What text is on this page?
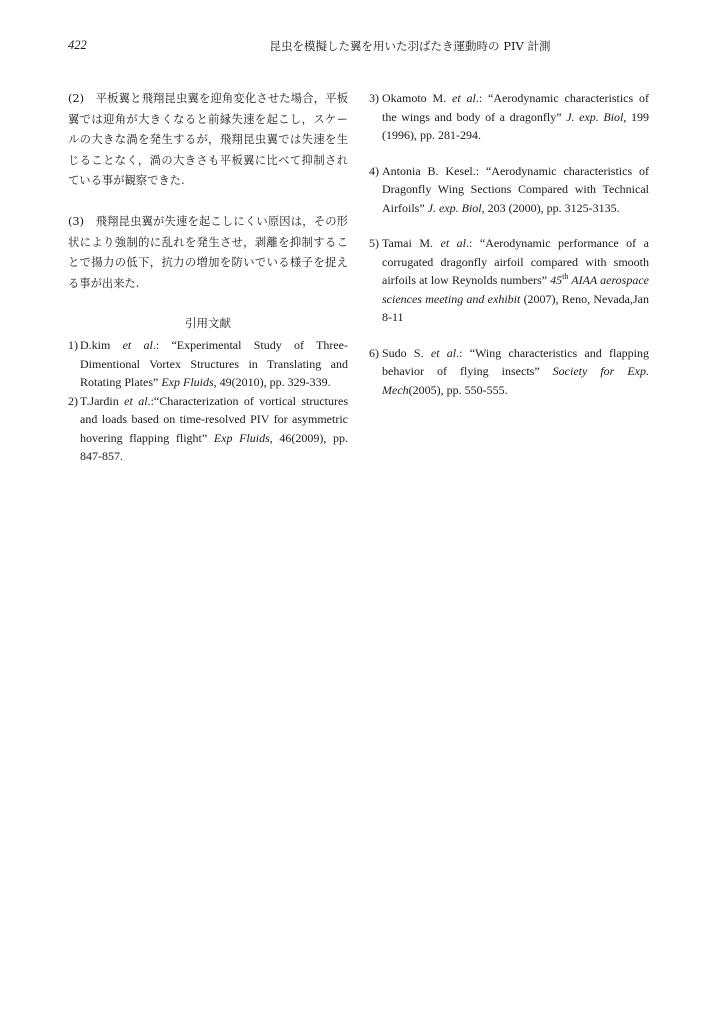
422	昆虫を模擬した翼を用いた羽ばたき運動時の PIV 計測

(2)　 平板翼と飛翔昆虫翼を迎角変化させた場合，平板翼では迎角が大きくなると前縁失速を起こし，スケールの大きな渦を発生するが，飛翔昆虫翼では失速を生じることなく，渦の大きさも平板翼に比べて抑制されている事が観察できた.

(3)　 飛翔昆虫翼が失速を起こしにくい原因は，その形状により強制的に乱れを発生させ，剥離を抑制することで揚力の低下，抗力の増加を防いでいる様子を捉える事が出来た.

引用文献

1) D.kim et al.: “Experimental Study of Three-Dimentional Vortex Structures in Translating and Rotating Plates” Exp Fluids, 49(2010), pp. 329-339.

2) T.Jardin et al.:“Characterization of vortical structures and loads based on time-resolved PIV for asymmetric hovering flapping flight” Exp Fluids, 46(2009), pp. 847-857.

3) Okamoto M. et al.: “Aerodynamic characteristics of the wings and body of a dragonfly” J. exp. Biol, 199 (1996), pp. 281-294.

4) Antonia B. Kesel.: “Aerodynamic characteristics of Dragonfly Wing Sections Compared with Technical Airfoils” J. exp. Biol, 203 (2000), pp. 3125-3135.

5) Tamai M. et al.: “Aerodynamic performance of a corrugated dragonfly airfoil compared with smooth airfoils at low Reynolds numbers” 45th AIAA aerospace sciences meeting and exhibit (2007), Reno, Nevada,Jan 8-11

6) Sudo S. et al.: “Wing characteristics and flapping behavior of flying insects” Society for Exp. Mech(2005), pp. 550-555.
